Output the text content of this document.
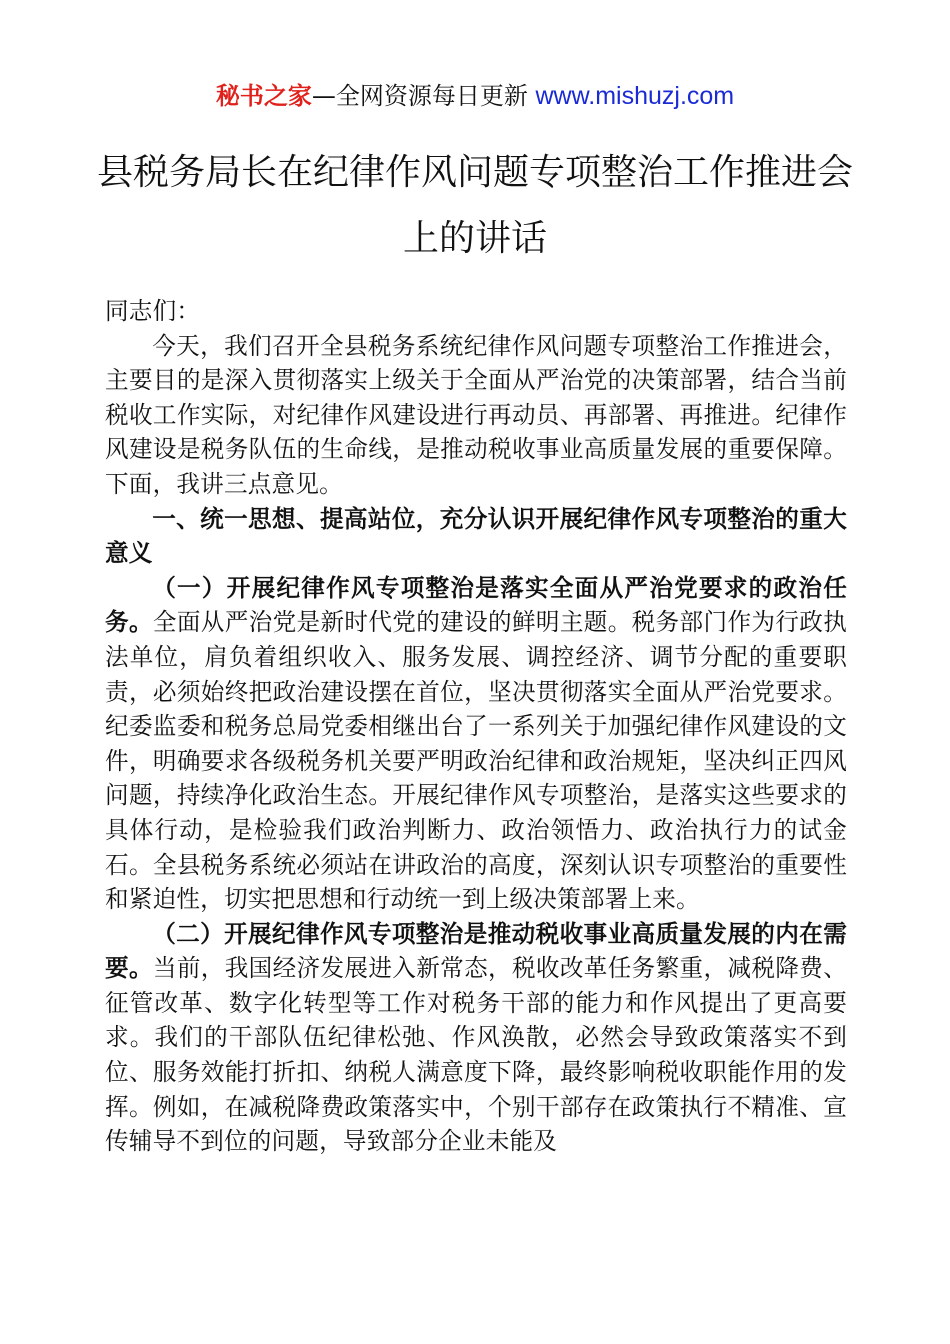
秘书之家—全网资源每日更新 www.mishuzj.com
县税务局长在纪律作风问题专项整治工作推进会上的讲话

同志们：

今天，我们召开全县税务系统纪律作风问题专项整治工作推进会，主要目的是深入贯彻落实上级关于全面从严治党的决策部署，结合当前税收工作实际，对纪律作风建设进行再动员、再部署、再推进。纪律作风建设是税务队伍的生命线，是推动税收事业高质量发展的重要保障。下面，我讲三点意见。

一、统一思想、提高站位，充分认识开展纪律作风专项整治的重大意义

（一）开展纪律作风专项整治是落实全面从严治党要求的政治任务。全面从严治党是新时代党的建设的鲜明主题。税务部门作为行政执法单位，肩负着组织收入、服务发展、调控经济、调节分配的重要职责，必须始终把政治建设摆在首位，坚决贯彻落实全面从严治党要求。纪委监委和税务总局党委相继出台了一系列关于加强纪律作风建设的文件，明确要求各级税务机关要严明政治纪律和政治规矩，坚决纠正四风问题，持续净化政治生态。开展纪律作风专项整治，是落实这些要求的具体行动，是检验我们政治判断力、政治领悟力、政治执行力的试金石。全县税务系统必须站在讲政治的高度，深刻认识专项整治的重要性和紧迫性，切实把思想和行动统一到上级决策部署上来。

（二）开展纪律作风专项整治是推动税收事业高质量发展的内在需要。当前，我国经济发展进入新常态，税收改革任务繁重，减税降费、征管改革、数字化转型等工作对税务干部的能力和作风提出了更高要求。我们的干部队伍纪律松弛、作风涣散，必然会导致政策落实不到位、服务效能打折扣、纳税人满意度下降，最终影响税收职能作用的发挥。例如，在减税降费政策落实中，个别干部存在政策执行不精准、宣传辅导不到位的问题，导致部分企业未能及
